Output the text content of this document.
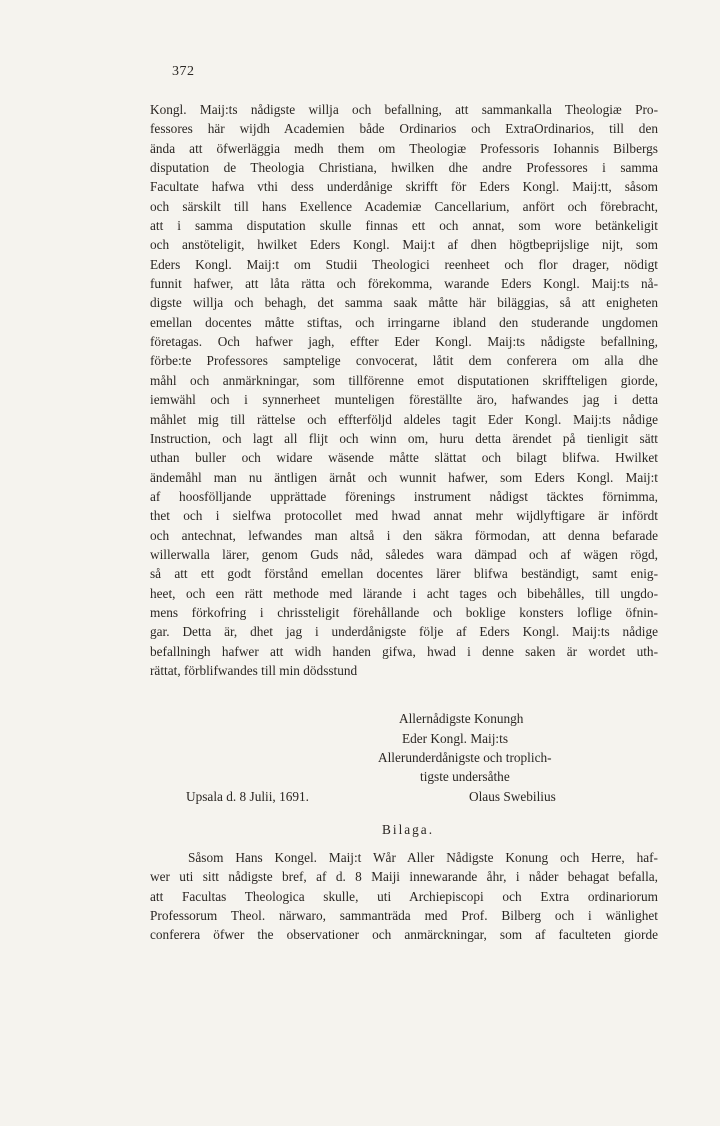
372
Kongl. Maij:ts nådigste willja och befallning, att sammankalla Theologiæ Pro-
fessores här wijdh Academien både Ordinarios och ExtraOrdinarios, till den
ända att öfwerläggia medh them om Theologiæ Professoris Iohannis Bilbergs
disputation de Theologia Christiana, hwilken dhe andre Professores i samma
Facultate hafwa vthi dess underdånige skrifft för Eders Kongl. Maij:tt, såsom
och särskilt till hans Exellence Academiæ Cancellarium, anfört och förebracht,
att i samma disputation skulle finnas ett och annat, som wore betänkeligit
och anstöteligit, hwilket Eders Kongl. Maij:t af dhen högtbeprijslige nijt, som
Eders Kongl. Maij:t om Studii Theologici reenheet och flor drager, nödigt
funnit hafwer, att låta rätta och förekomma, warande Eders Kongl. Maij:ts nå-
digste willja och behagh, det samma saak måtte här biläggias, så att enigheten
emellan docentes måtte stiftas, och irringarne ibland den studerande ungdomen
företagas. Och hafwer jagh, effter Eder Kongl. Maij:ts nådigste befallning,
förbe:te Professores samptelige convocerat, låtit dem conferera om alla dhe
måhl och anmärkningar, som tillförenne emot disputationen skriffteligen giorde,
iemwähl och i synnerheet munteligen föreställte äro, hafwandes jag i detta
måhlet mig till rättelse och effterföljd aldeles tagit Eder Kongl. Maij:ts nådige
Instruction, och lagt all flijt och winn om, huru detta ärendet på tienligit sätt
uthan buller och widare wäsende måtte slättat och bilagt blifwa. Hwilket
ändemåhl man nu äntligen ärnåt och wunnit hafwer, som Eders Kongl. Maij:t
af hoosfölljande upprättade förenings instrument nådigst täcktes förnimma,
thet och i sielfwa protocollet med hwad annat mehr wijdlyftigare är infördt
och antechnat, lefwandes man altså i den säkra förmodan, att denna befarade
willerwalla lärer, genom Guds nåd, således wara dämpad och af wägen rögd,
så att ett godt förstånd emellan docentes lärer blifwa beständigt, samt enig-
heet, och een rätt methode med lärande i acht tages och bibehålles, till ungdo-
mens förkofring i chrissteligit förehållande och boklige konsters loflige öfnin-
gar. Detta är, dhet jag i underdånigste följe af Eders Kongl. Maij:ts nådige
befallningh hafwer att widh handen gifwa, hwad i denne saken är wordet uth-
rättat, förblifwandes till min dödsstund
Allernådigste Konungh
Eder Kongl. Maij:ts
Allerunderdånigste och troplich-
tigste undersåthe
Upsala d. 8 Julii, 1691.	Olaus Swebilius
Bilaga.
Såsom Hans Kongel. Maij:t Wår Aller Nådigste Konung och Herre, haf-
wer uti sitt nådigste bref, af d. 8 Maiji innewarande åhr, i nåder behagat befalla,
att Facultas Theologica skulle, uti Archiepiscopi och Extra ordinariorum
Professorum Theol. närwaro, sammanträda med Prof. Bilberg och i wänlighet
conferera öfwer the observationer och anmärckningar, som af faculteten giorde
